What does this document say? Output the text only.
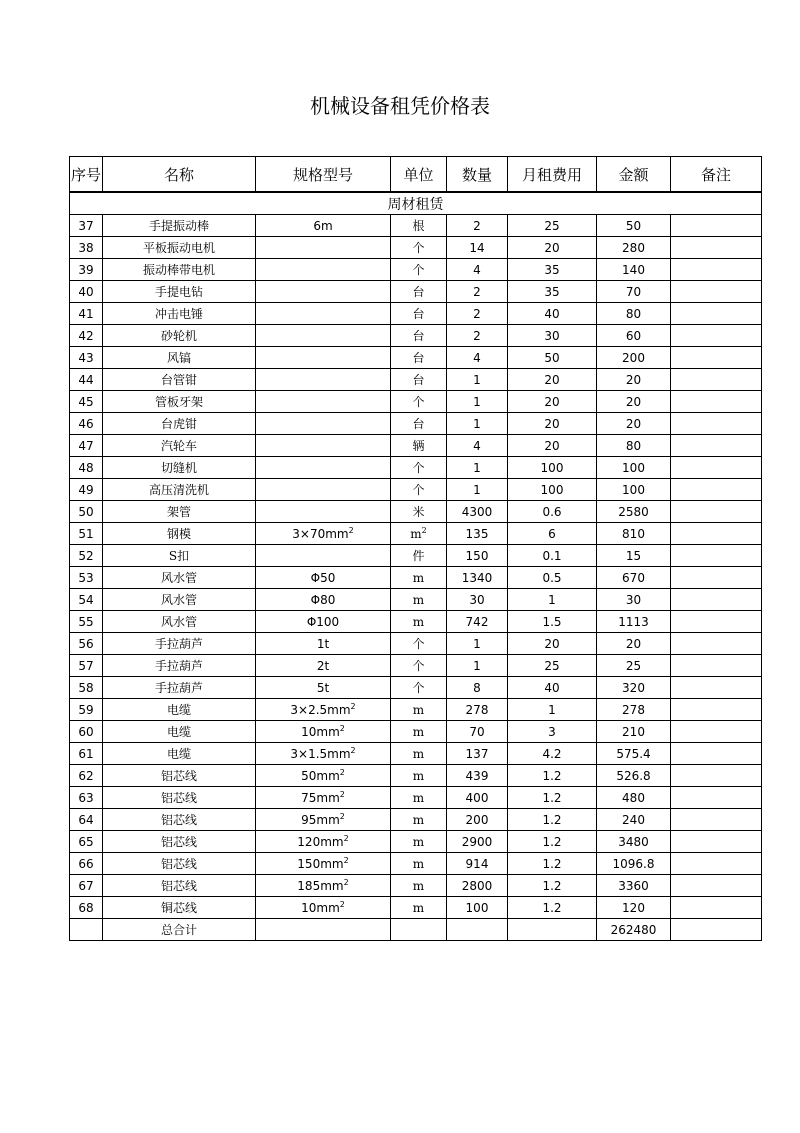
机械设备租凭价格表
序号	名称	规格型号	单位	数量	月租费用	金额	备注
周材租赁							
37	手提振动棒	6m	根	2	25	50	
38	平板振动电机		个	14	20	280	
39	振动棒带电机		个	4	35	140	
40	手提电钻		台	2	35	70	
41	冲击电锤		台	2	40	80	
42	砂轮机		台	2	30	60	
43	风镐		台	4	50	200	
44	台管钳		台	1	20	20	
45	管板牙架		个	1	20	20	
46	台虎钳		台	1	20	20	
47	汽轮车		辆	4	20	80	
48	切缝机		个	1	100	100	
49	高压清洗机		个	1	100	100	
50	架管		米	4300	0.6	2580	
51	钢模	$3\times 70mm^2$	$m^2$	135	6	810	
52	S扣		件	150	0.1	15	
53	风水管	Φ50	m	1340	0.5	670	
54	风水管	Φ80	m	30	1	30	
55	风水管	Φ100	m	742	1.5	1113	
56	手拉葫芦	1t	个	1	20	20	
57	手拉葫芦	2t	个	1	25	25	
58	手拉葫芦	5t	个	8	40	320	
59	电缆	$3\times 2.5mm^2$	m	278	1	278	
60	电缆	$10mm^2$	m	70	3	210	
61	电缆	$3\times 1.5mm^2$	m	137	4.2	575.4	
62	铝芯线	$50mm^2$	m	439	1.2	526.8	
63	铝芯线	$75mm^2$	m	400	1.2	480	
64	铝芯线	$95mm^2$	m	200	1.2	240	
65	铝芯线	$120mm^2$	m	2900	1.2	3480	
66	铝芯线	$150mm^2$	m	914	1.2	1096.8	
67	铝芯线	$185mm^2$	m	2800	1.2	3360	
68	铜芯线	$10mm^2$	m	100	1.2	120	
	总合计					262480	
